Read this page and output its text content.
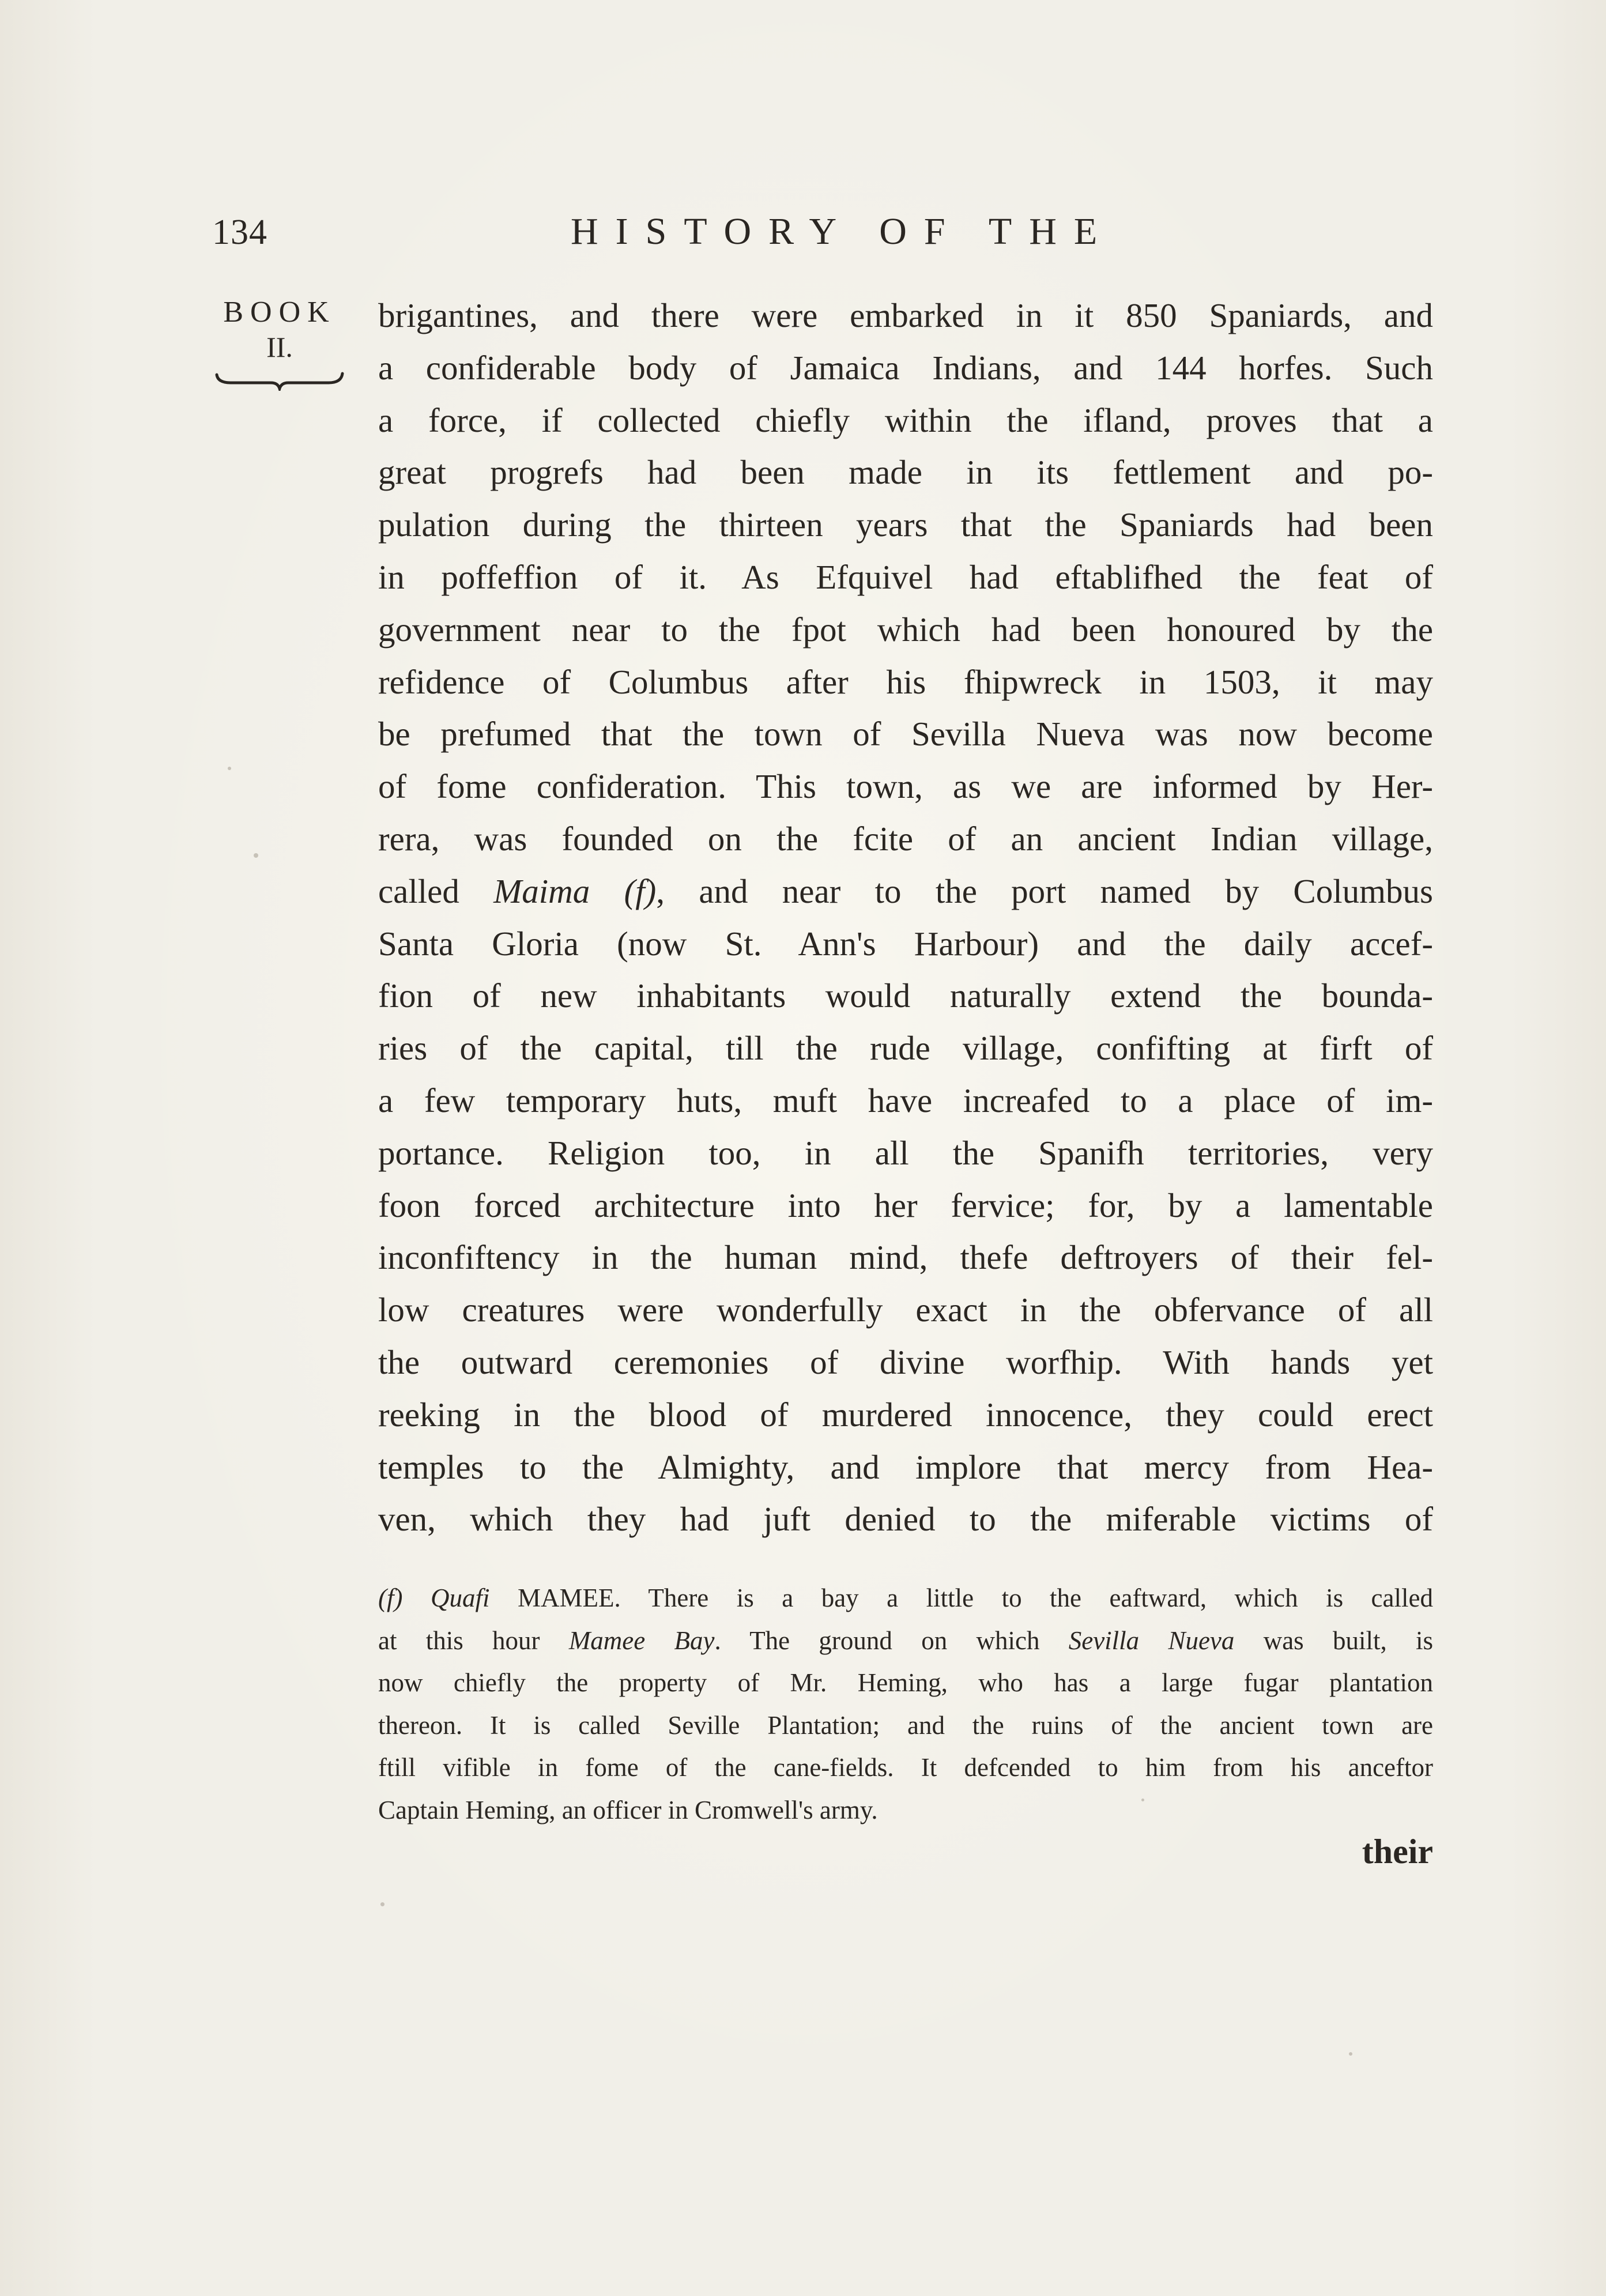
134	HISTORY OF THE
BOOK
II.
brigantines, and there were embarked in it 850 Spaniards, and
a confiderable body of Jamaica Indians, and 144 horfes. Such
a force, if collected chiefly within the ifland, proves that a
great progrefs had been made in its fettlement and po-
pulation during the thirteen years that the Spaniards had been
in poffeffion of it. As Efquivel had eftablifhed the feat of
government near to the fpot which had been honoured by the
refidence of Columbus after his fhipwreck in 1503, it may
be prefumed that the town of Sevilla Nueva was now become
of fome confideration. This town, as we are informed by Her-
rera, was founded on the fcite of an ancient Indian village,
called Maima (f), and near to the port named by Columbus
Santa Gloria (now St. Ann's Harbour) and the daily accef-
fion of new inhabitants would naturally extend the bounda-
ries of the capital, till the rude village, confifting at firft of
a few temporary huts, muft have increafed to a place of im-
portance. Religion too, in all the Spanifh territories, very
foon forced architecture into her fervice; for, by a lamentable
inconfiftency in the human mind, thefe deftroyers of their fel-
low creatures were wonderfully exact in the obfervance of all
the outward ceremonies of divine worfhip. With hands yet
reeking in the blood of murdered innocence, they could erect
temples to the Almighty, and implore that mercy from Hea-
ven, which they had juft denied to the miferable victims of
(f) Quafi MAMEE. There is a bay a little to the eaftward, which is called
at this hour Mamee Bay. The ground on which Sevilla Nueva was built, is
now chiefly the property of Mr. Heming, who has a large fugar plantation
thereon. It is called Seville Plantation; and the ruins of the ancient town are
ftill vifible in fome of the cane-fields. It defcended to him from his anceftor
Captain Heming, an officer in Cromwell's army.
their
